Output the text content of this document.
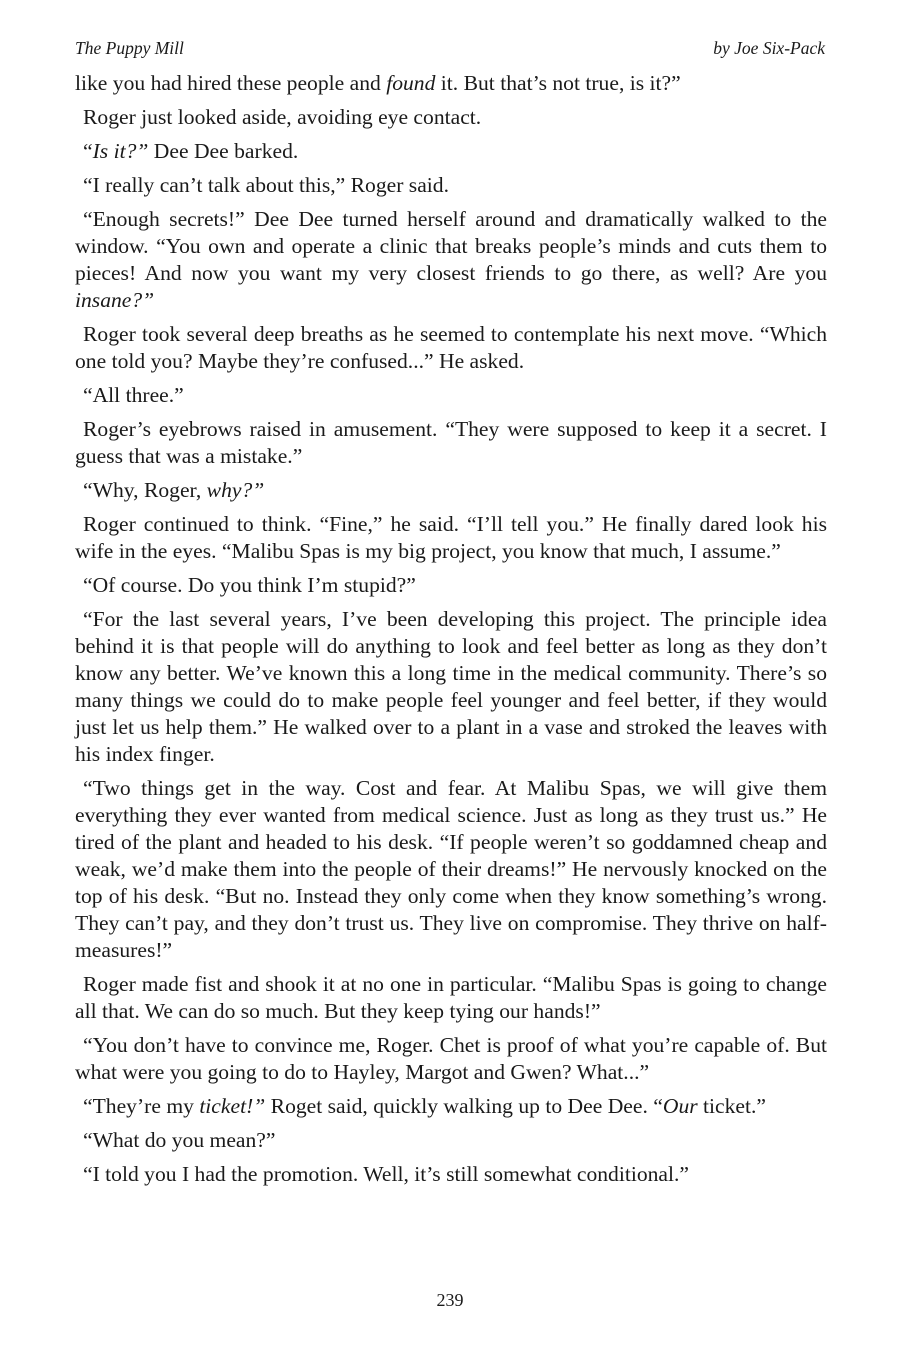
The Puppy Mill	by Joe Six-Pack

like you had hired these people and found it. But that’s not true, is it?”

Roger just looked aside, avoiding eye contact.

“Is it?” Dee Dee barked.

“I really can’t talk about this,” Roger said.

“Enough secrets!” Dee Dee turned herself around and dramatically walked to the window. “You own and operate a clinic that breaks people’s minds and cuts them to pieces! And now you want my very closest friends to go there, as well? Are you insane?”

Roger took several deep breaths as he seemed to contemplate his next move. “Which one told you? Maybe they’re confused...” He asked.

“All three.”

Roger’s eyebrows raised in amusement. “They were supposed to keep it a secret. I guess that was a mistake.”

“Why, Roger, why?”

Roger continued to think. “Fine,” he said. “I’ll tell you.” He finally dared look his wife in the eyes. “Malibu Spas is my big project, you know that much, I assume.”

“Of course. Do you think I’m stupid?”

“For the last several years, I’ve been developing this project. The principle idea behind it is that people will do anything to look and feel better as long as they don’t know any better. We’ve known this a long time in the medical community. There’s so many things we could do to make people feel younger and feel better, if they would just let us help them.” He walked over to a plant in a vase and stroked the leaves with his index finger.

“Two things get in the way. Cost and fear. At Malibu Spas, we will give them everything they ever wanted from medical science. Just as long as they trust us.” He tired of the plant and headed to his desk. “If people weren’t so goddamned cheap and weak, we’d make them into the people of their dreams!” He nervously knocked on the top of his desk. “But no. Instead they only come when they know something’s wrong. They can’t pay, and they don’t trust us. They live on compromise. They thrive on half-measures!”

Roger made fist and shook it at no one in particular. “Malibu Spas is going to change all that. We can do so much. But they keep tying our hands!”

“You don’t have to convince me, Roger. Chet is proof of what you’re capable of. But what were you going to do to Hayley, Margot and Gwen? What...”

“They’re my ticket!” Roget said, quickly walking up to Dee Dee. “Our ticket.”

“What do you mean?”

“I told you I had the promotion. Well, it’s still somewhat conditional.”

239
